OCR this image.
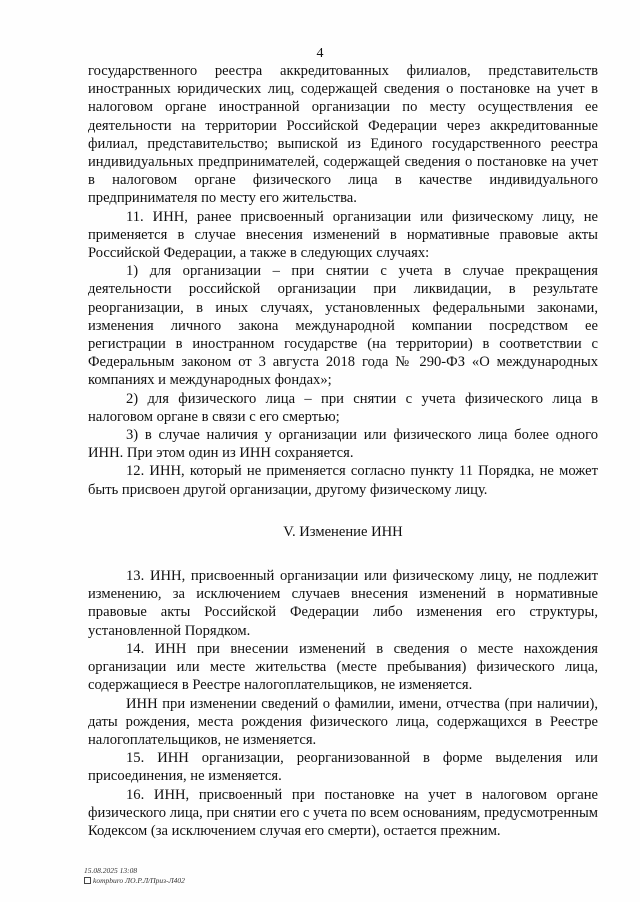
4

государственного реестра аккредитованных филиалов, представительств иностранных юридических лиц, содержащей сведения о постановке на учет в налоговом органе иностранной организации по месту осуществления ее деятельности на территории Российской Федерации через аккредитованные филиал, представительство; выпиской из Единого государственного реестра индивидуальных предпринимателей, содержащей сведения о постановке на учет в налоговом органе физического лица в качестве индивидуального предпринимателя по месту его жительства.

11. ИНН, ранее присвоенный организации или физическому лицу, не применяется в случае внесения изменений в нормативные правовые акты Российской Федерации, а также в следующих случаях:

1) для организации – при снятии с учета в случае прекращения деятельности российской организации при ликвидации, в результате реорганизации, в иных случаях, установленных федеральными законами, изменения личного закона международной компании посредством ее регистрации в иностранном государстве (на территории) в соответствии с Федеральным законом от 3 августа 2018 года № 290-ФЗ «О международных компаниях и международных фондах»;

2) для физического лица – при снятии с учета физического лица в налоговом органе в связи с его смертью;

3) в случае наличия у организации или физического лица более одного ИНН. При этом один из ИНН сохраняется.

12. ИНН, который не применяется согласно пункту 11 Порядка, не может быть присвоен другой организации, другому физическому лицу.

V. Изменение ИНН

13. ИНН, присвоенный организации или физическому лицу, не подлежит изменению, за исключением случаев внесения изменений в нормативные правовые акты Российской Федерации либо изменения его структуры, установленной Порядком.

14. ИНН при внесении изменений в сведения о месте нахождения организации или месте жительства (месте пребывания) физического лица, содержащиеся в Реестре налогоплательщиков, не изменяется.

ИНН при изменении сведений о фамилии, имени, отчества (при наличии), даты рождения, места рождения физического лица, содержащихся в Реестре налогоплательщиков, не изменяется.

15. ИНН организации, реорганизованной в форме выделения или присоединения, не изменяется.

16. ИНН, присвоенный при постановке на учет в налоговом органе физического лица, при снятии его с учета по всем основаниям, предусмотренным Кодексом (за исключением случая его смерти), остается прежним.

15.08.2025 13:08
kompburo ЛО.Р.Л/Приз-Л402
